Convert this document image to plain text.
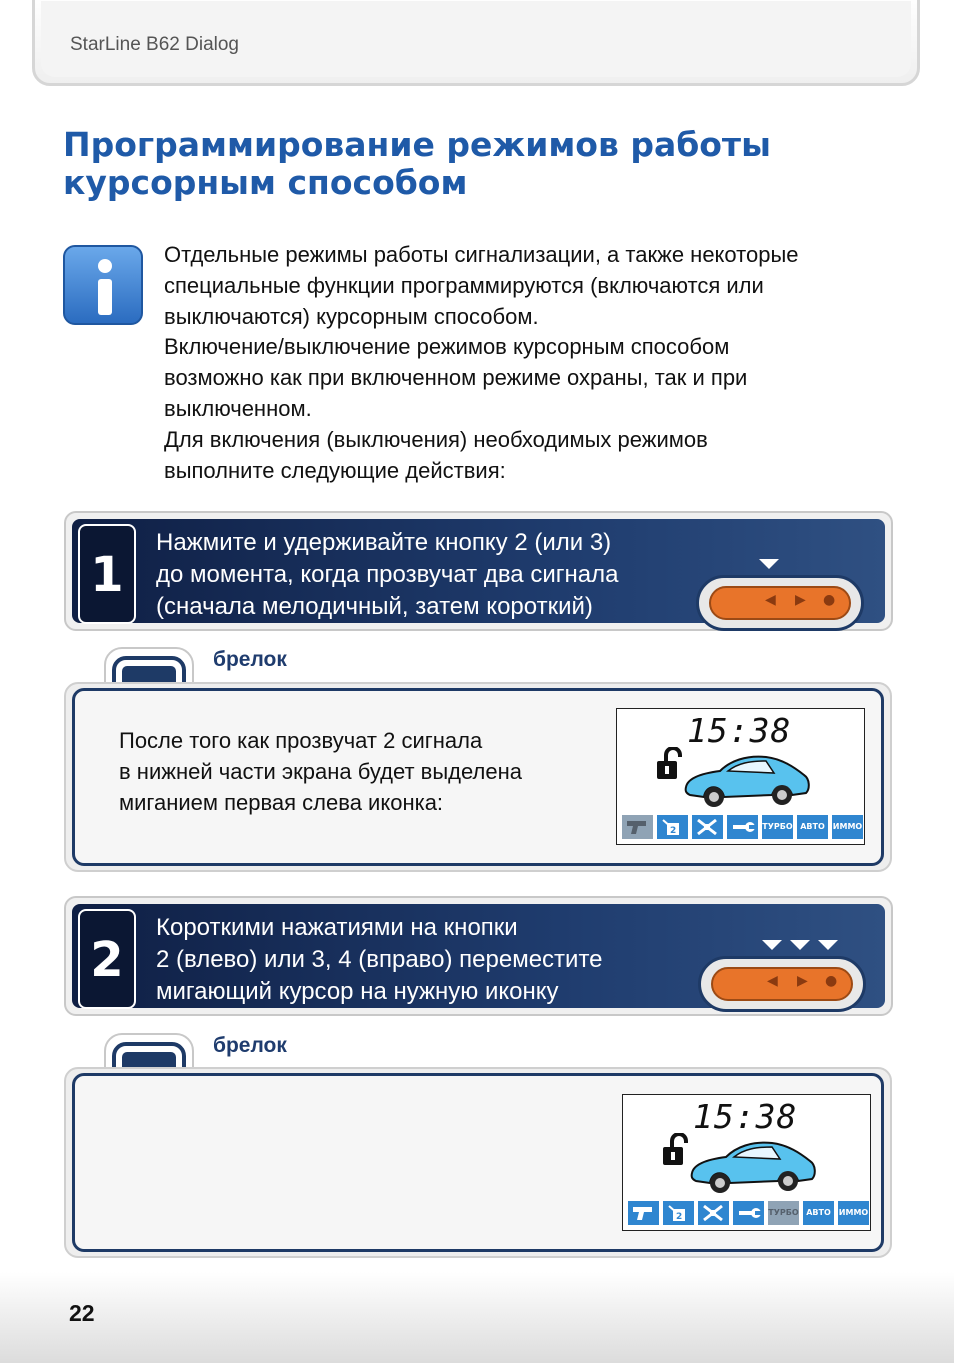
StarLine B62 Dialog
Программирование режимов работы
курсорным способом
Отдельные режимы работы сигнализации, а также некоторые
специальные функции программируются (включаются или
выключаются) курсорным способом.
Включение/выключение режимов курсорным способом
возможно как при включенном режиме охраны, так и при
выключенном.
Для включения (выключения) необходимых режимов
выполните следующие действия:
1
Нажмите и удерживайте кнопку 2 (или 3)
до момента, когда прозвучат два сигнала
(сначала мелодичный, затем короткий)	◀ ▶ ●
брелок
После того как прозвучат 2 сигнала
в нижней части экрана будет выделена
миганием первая слева иконка:
15:38
2	ТУРБО АВТО	ИММО
2
Короткими нажатиями на кнопки
2 (влево) или 3, 4 (вправо) переместите
мигающий курсор на нужную иконку	◀ ▶ ●
брелок
15:38
2	ТУРБО АВТО	ИММО
22
